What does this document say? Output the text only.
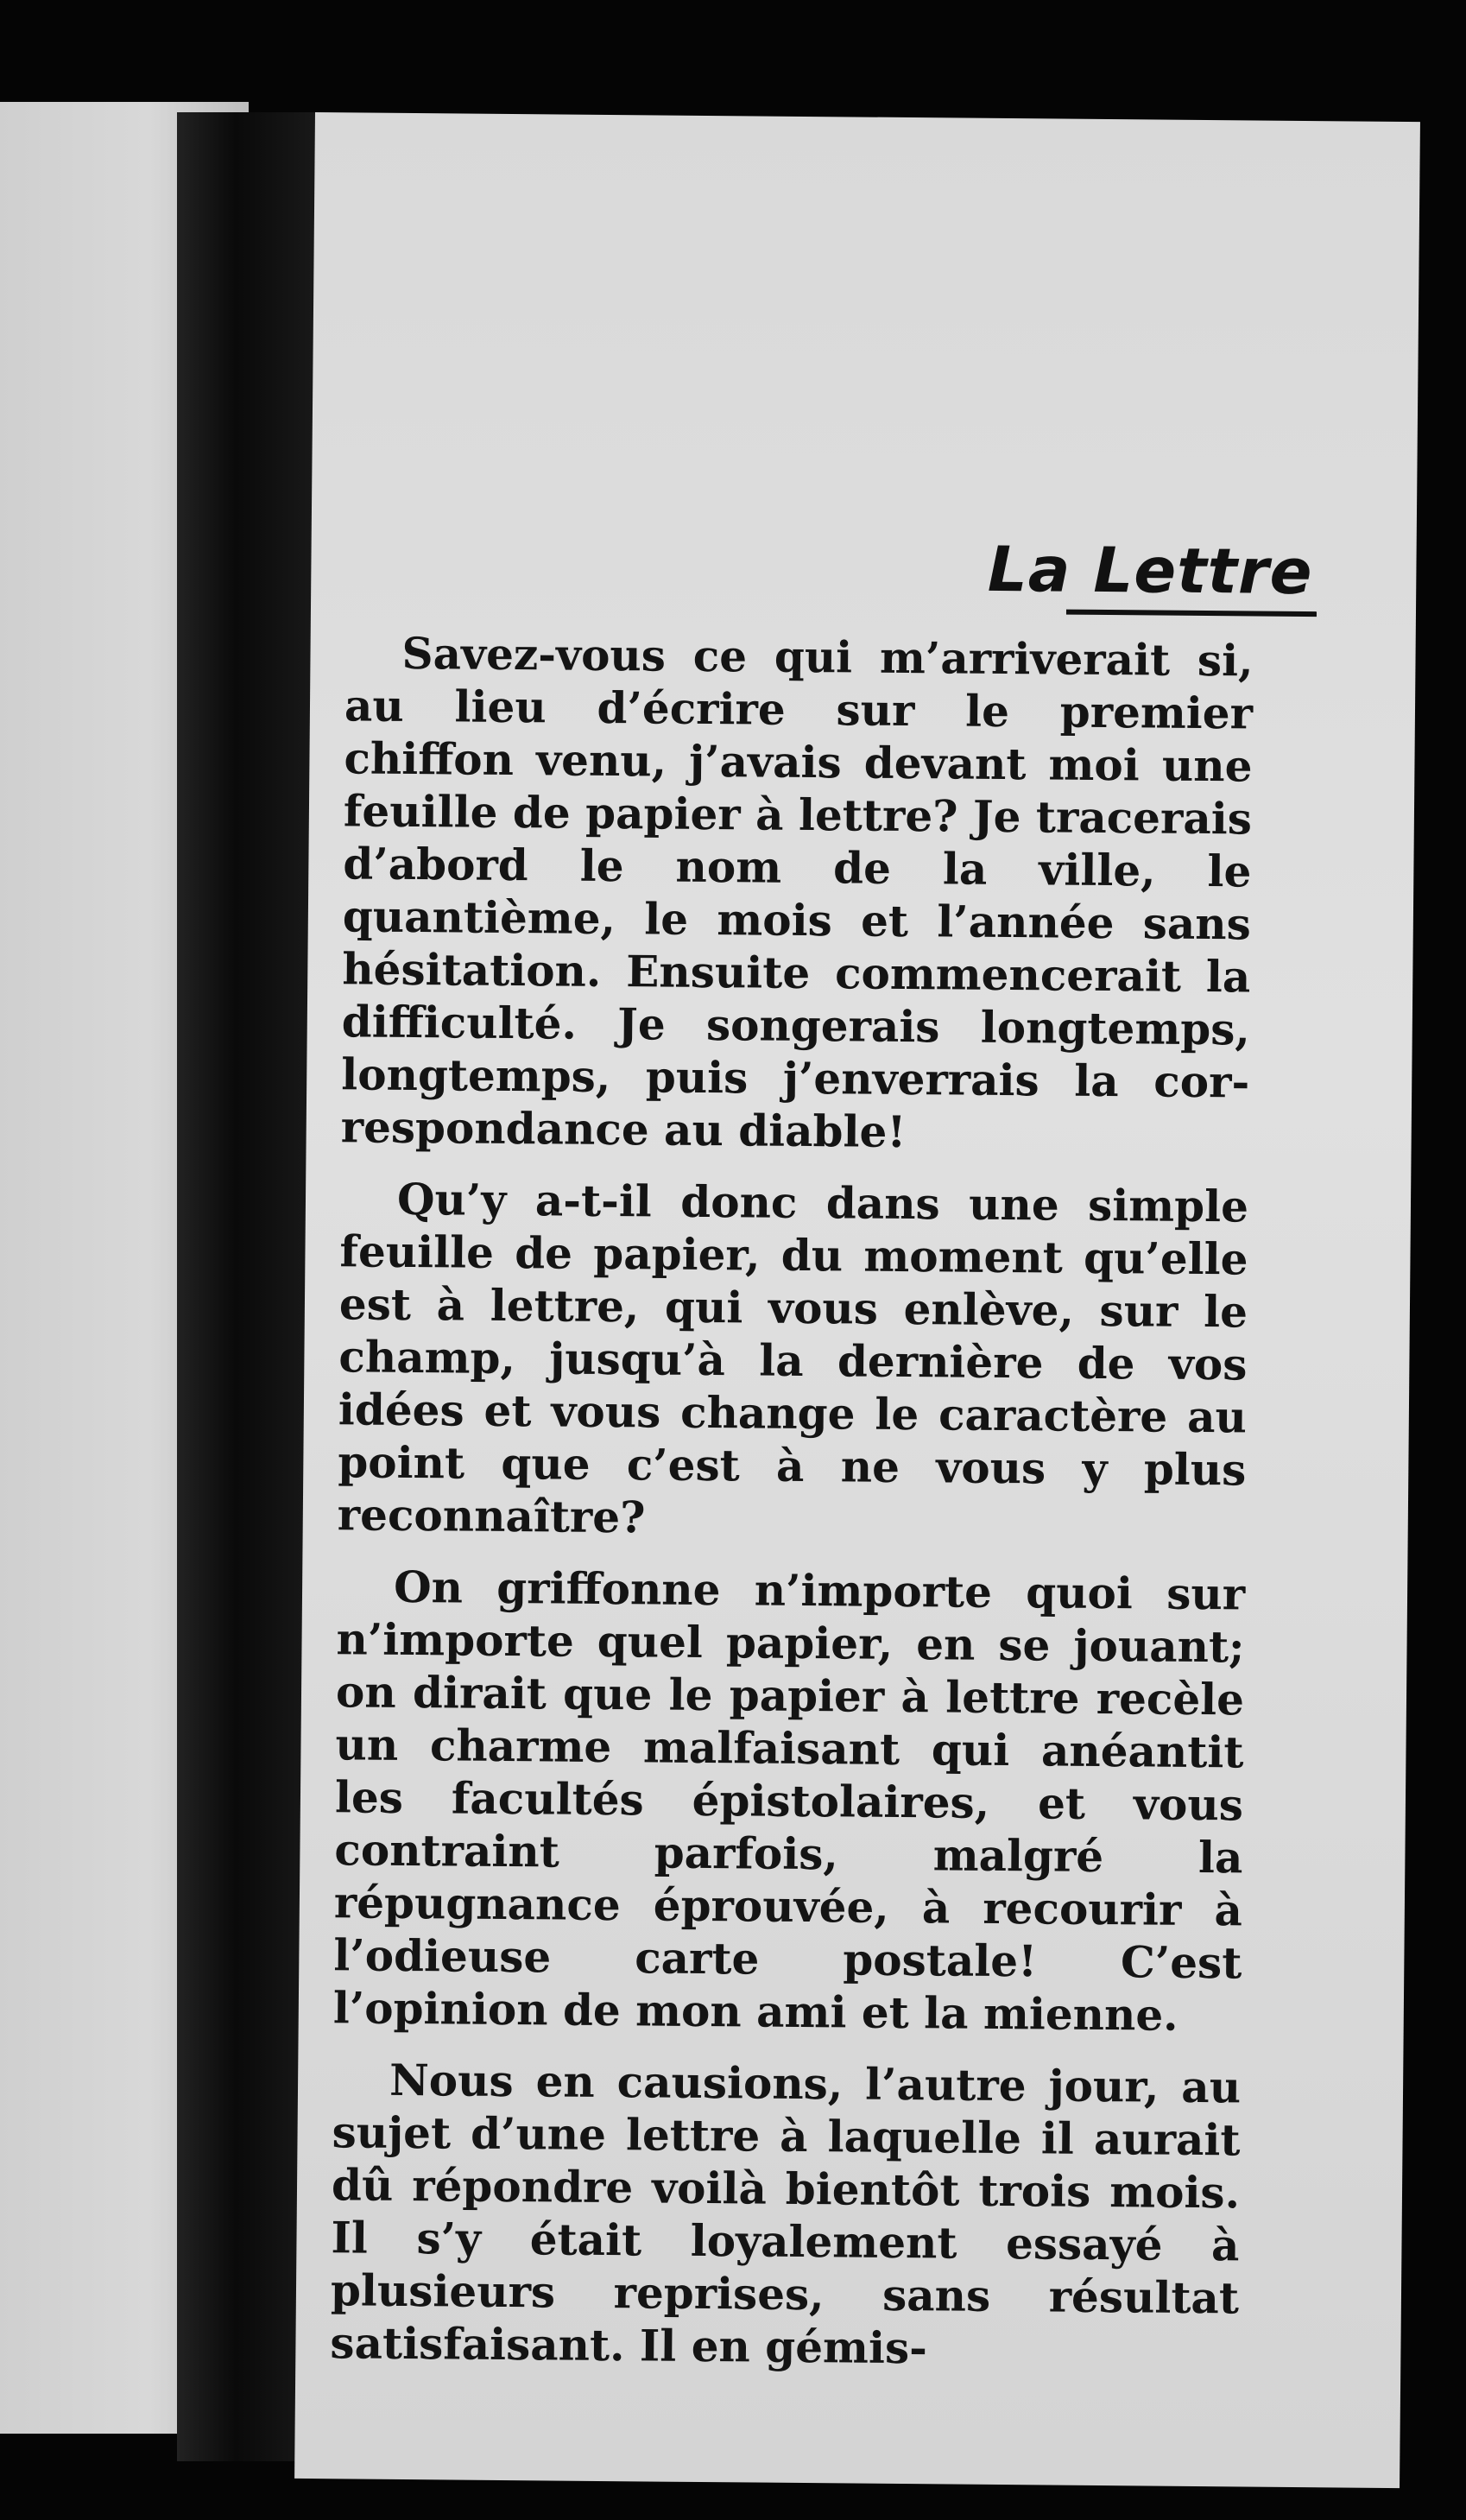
La Lettre

Savez-vous ce qui m’arriverait si, au lieu d’écrire sur le premier chiffon venu, j’avais devant moi une feuille de papier à lettre? Je tracerais d’abord le nom de la ville, le quantième, le mois et l’année sans hésitation. Ensuite commencerait la difficulté. Je songerais longtemps, longtemps, puis j’enverrais la correspondance au diable!

Qu’y a-t-il donc dans une simple feuille de papier, du moment qu’elle est à lettre, qui vous enlève, sur le champ, jusqu’à la dernière de vos idées et vous change le caractère au point que c’est à ne vous y plus reconnaître?

On griffonne n’importe quoi sur n’importe quel papier, en se jouant; on dirait que le papier à lettre recèle un charme malfaisant qui anéantit les facultés épistolaires, et vous contraint parfois, malgré la répugnance éprouvée, à recourir à l’odieuse carte postale! C’est l’opinion de mon ami et la mienne.

Nous en causions, l’autre jour, au sujet d’une lettre à laquelle il aurait dû répondre voilà bientôt trois mois. Il s’y était loyalement essayé à plusieurs reprises, sans résultat satisfaisant. Il en gémis-
